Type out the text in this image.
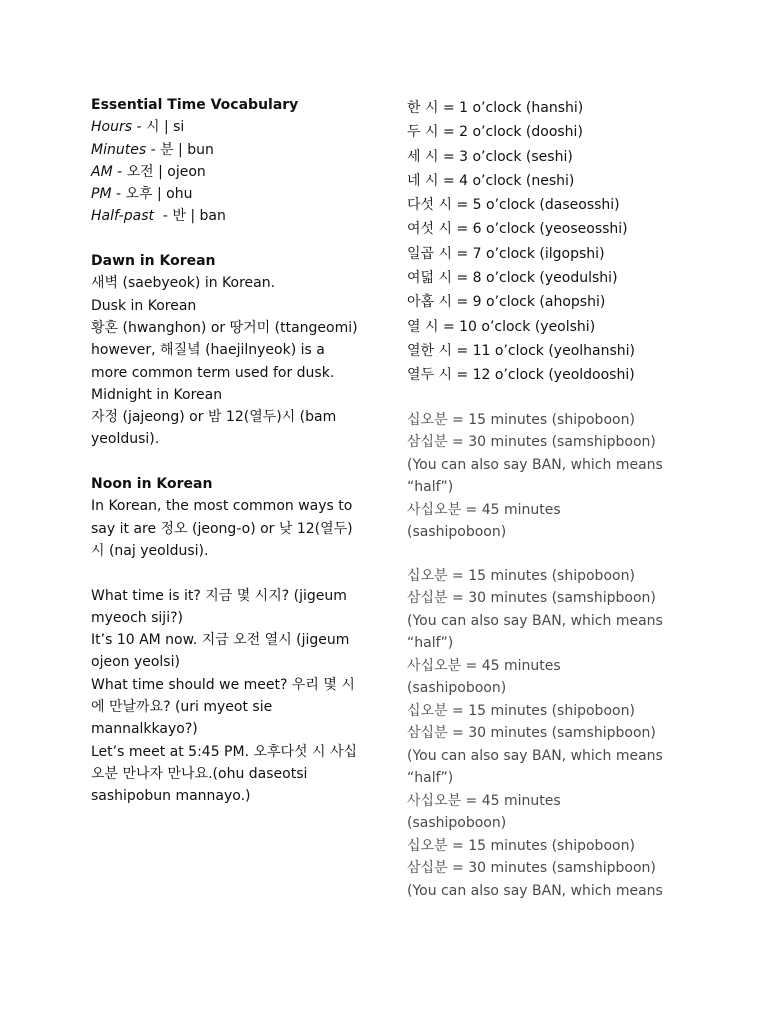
Essential Time Vocabulary
Hours - 시 | si
Minutes - 분 | bun
AM - 오전 | ojeon
PM - 오후 | ohu
Half-past  - 반 | ban
Dawn in Korean
새벽 (saebyeok) in Korean.
Dusk in Korean
황혼 (hwanghon) or 땅거미 (ttangeomi) however, 해질녘 (haejilnyeok) is a more common term used for dusk.
Midnight in Korean
자정 (jajeong) or 밤 12(열두)시 (bam yeoldusi).
Noon in Korean
In Korean, the most common ways to say it are 정오 (jeong-o) or 낮 12(열두)시 (naj yeoldusi).
What time is it? 지금 몇 시지? (jigeum myeoch siji?)
It’s 10 AM now. 지금 오전 열시 (jigeum ojeon yeolsi)
What time should we meet? 우리 몇 시에 만날까요? (uri myeot sie mannalkkayo?)
Let’s meet at 5:45 PM. 오후다섯 시 사십오분 만나자 만나요.(ohu daseotsi sashipobun mannayo.)
한 시 = 1 o’clock (hanshi)
두 시 = 2 o’clock (dooshi)
세 시 = 3 o’clock (seshi)
네 시 = 4 o’clock (neshi)
다섯 시 = 5 o’clock (daseosshi)
여섯 시 = 6 o’clock (yeoseosshi)
일곱 시 = 7 o’clock (ilgopshi)
여덟 시 = 8 o’clock (yeodulshi)
아홉 시 = 9 o’clock (ahopshi)
열 시 = 10 o’clock (yeolshi)
열한 시 = 11 o’clock (yeolhanshi)
열두 시 = 12 o’clock (yeoldooshi)
십오분 = 15 minutes (shipoboon)
삼십분 = 30 minutes (samshipboon)
(You can also say BAN, which means
“half”)
사십오분 = 45 minutes
(sashipoboon)
십오분 = 15 minutes (shipoboon)
삼십분 = 30 minutes (samshipboon)
(You can also say BAN, which means
“half”)
사십오분 = 45 minutes
(sashipoboon)
십오분 = 15 minutes (shipoboon)
삼십분 = 30 minutes (samshipboon)
(You can also say BAN, which means
“half”)
사십오분 = 45 minutes
(sashipoboon)
십오분 = 15 minutes (shipoboon)
삼십분 = 30 minutes (samshipboon)
(You can also say BAN, which means
